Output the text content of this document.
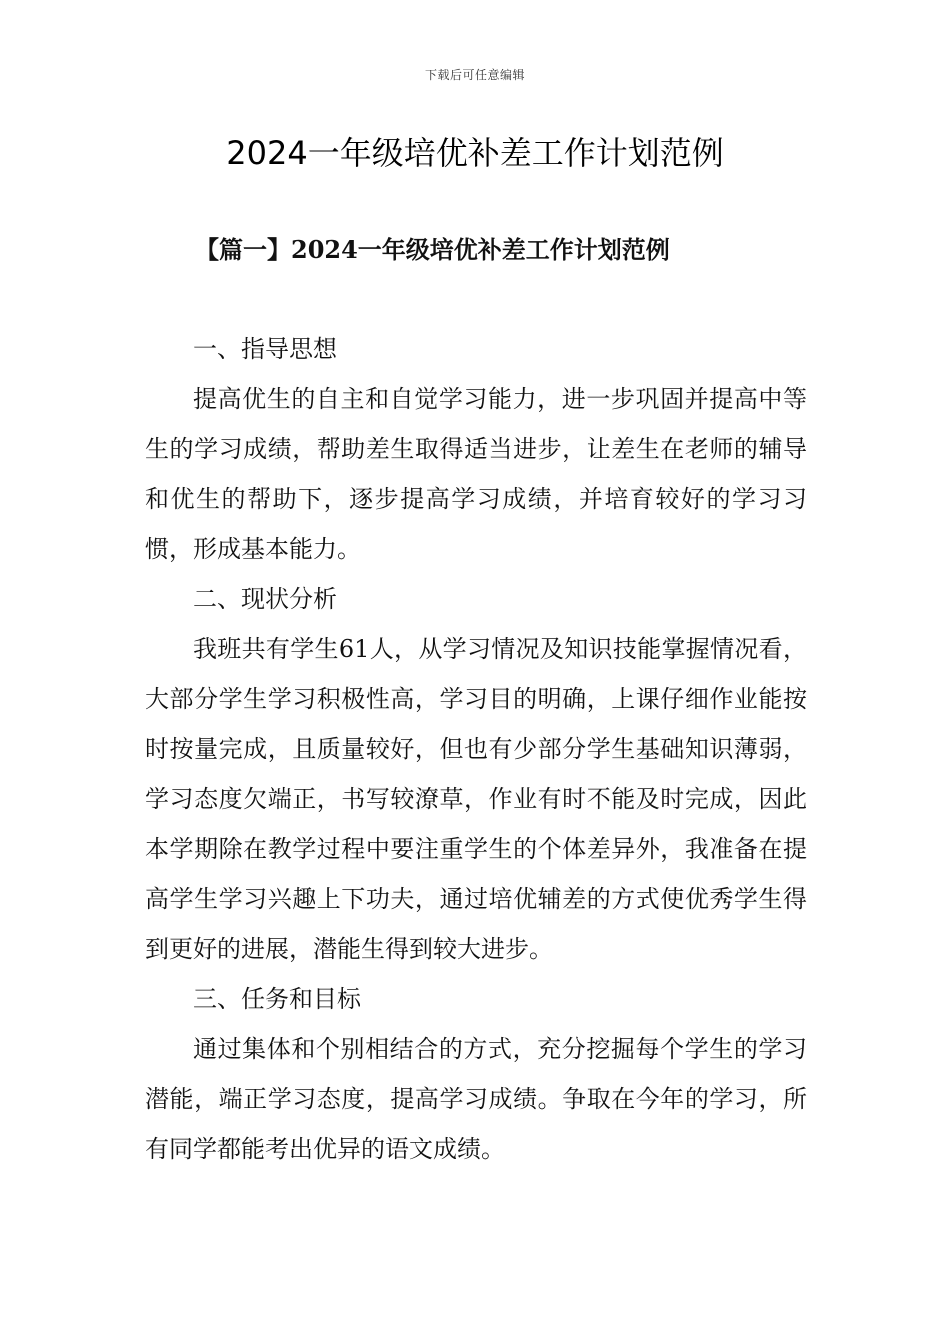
下载后可任意编辑
2024一年级培优补差工作计划范例
【篇一】2024一年级培优补差工作计划范例

一、指导思想

提高优生的自主和自觉学习能力，进一步巩固并提高中等生的学习成绩，帮助差生取得适当进步，让差生在老师的辅导和优生的帮助下，逐步提高学习成绩，并培育较好的学习习惯，形成基本能力。

二、现状分析

我班共有学生61人，从学习情况及知识技能掌握情况看，大部分学生学习积极性高，学习目的明确，上课仔细作业能按时按量完成，且质量较好，但也有少部分学生基础知识薄弱，学习态度欠端正，书写较潦草，作业有时不能及时完成，因此本学期除在教学过程中要注重学生的个体差异外，我准备在提高学生学习兴趣上下功夫，通过培优辅差的方式使优秀学生得到更好的进展，潜能生得到较大进步。

三、任务和目标

通过集体和个别相结合的方式，充分挖掘每个学生的学习潜能，端正学习态度，提高学习成绩。争取在今年的学习，所有同学都能考出优异的语文成绩。
